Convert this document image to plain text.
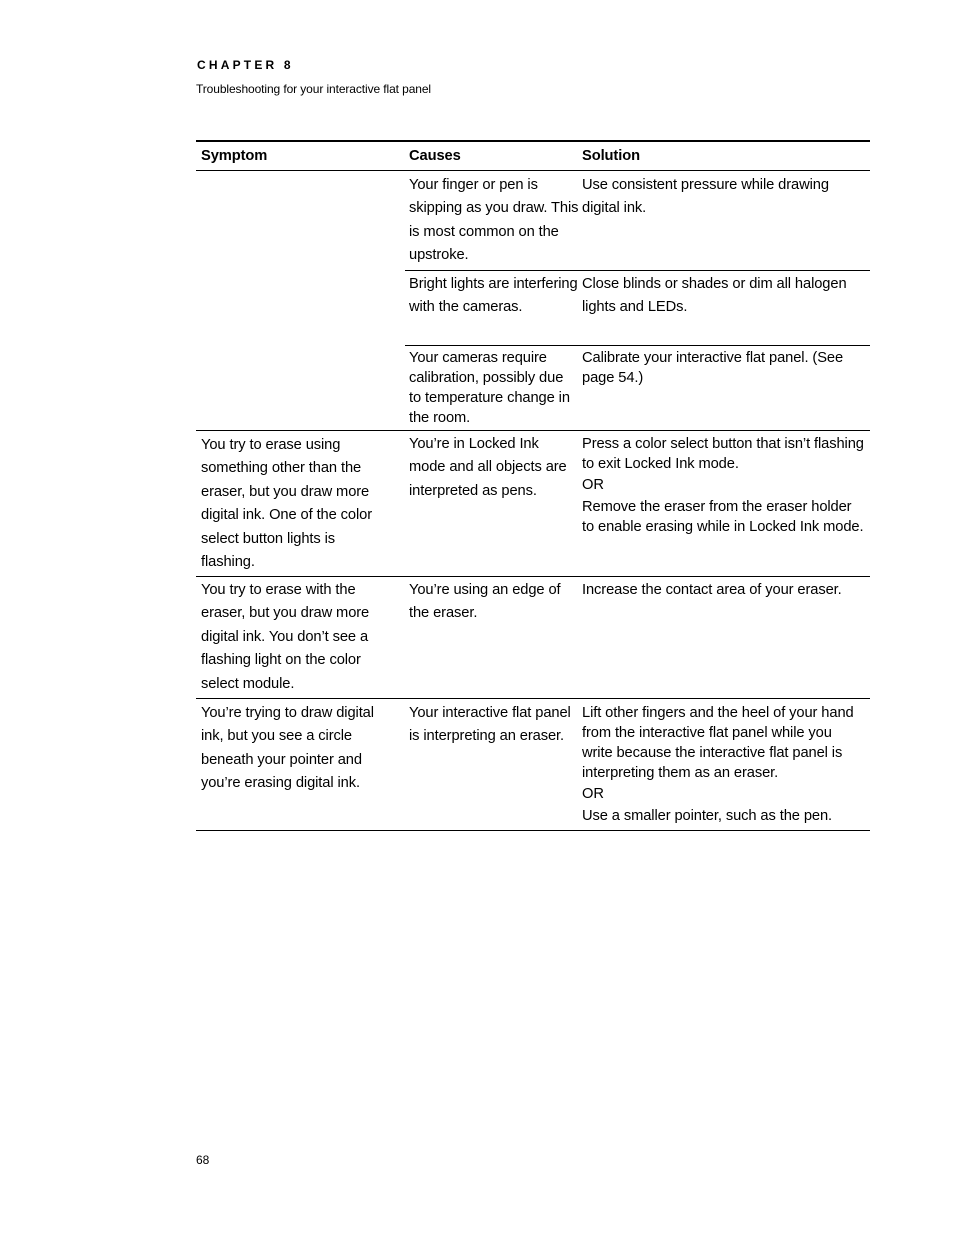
CHAPTER 8
Troubleshooting for your interactive flat panel
Symptom	Causes	Solution
Your finger or pen is skipping as you draw. This is most common on the upstroke.
Use consistent pressure while drawing digital ink.
Bright lights are interfering with the cameras.
Close blinds or shades or dim all halogen lights and LEDs.
Your cameras require calibration, possibly due to temperature change in the room.
Calibrate your interactive flat panel. (See page 54.)
You try to erase using something other than the eraser, but you draw more digital ink. One of the color select button lights is flashing.
You’re in Locked Ink mode and all objects are interpreted as pens.
Press a color select button that isn’t flashing to exit Locked Ink mode.
OR
Remove the eraser from the eraser holder to enable erasing while in Locked Ink mode.
You try to erase with the eraser, but you draw more digital ink. You don’t see a flashing light on the color select module.
You’re using an edge of the eraser.
Increase the contact area of your eraser.
You’re trying to draw digital ink, but you see a circle beneath your pointer and you’re erasing digital ink.
Your interactive flat panel is interpreting an eraser.
Lift other fingers and the heel of your hand from the interactive flat panel while you write because the interactive flat panel is interpreting them as an eraser.
OR
Use a smaller pointer, such as the pen.
68
